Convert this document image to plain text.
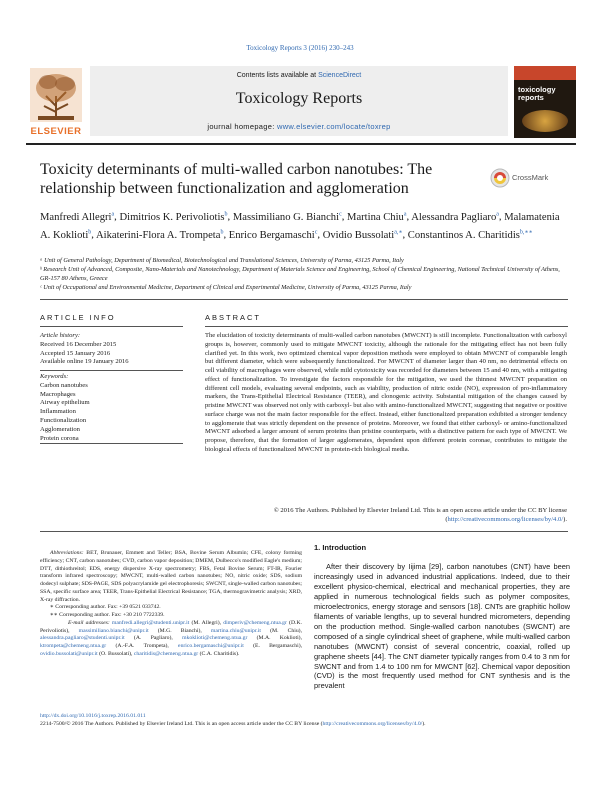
Toxicology Reports 3 (2016) 230–243
ELSEVIER
Contents lists available at ScienceDirect
Toxicology Reports
journal homepage: www.elsevier.com/locate/toxrep
toxicology
reports
Toxicity determinants of multi-walled carbon nanotubes: The relationship between functionalization and agglomeration
CrossMark
Manfredi Allegri$^a$, Dimitrios K. Perivoliotis$^b$, Massimiliano G. Bianchi$^c$, Martina Chiu$^a$, Alessandra Pagliaro$^a$, Malamatenia A. Koklioti$^b$, Aikaterini-Flora A. Trompeta$^b$, Enrico Bergamaschi$^c$, Ovidio Bussolati$^{a,∗}$, Constantinos A. Charitidis$^{b,∗∗}$
ᵃ Unit of General Pathology, Department of Biomedical, Biotechnological and Translational Sciences, University of Parma, 43125 Parma, Italy
ᵇ Research Unit of Advanced, Composite, Nano-Materials and Nanotechnology, Department of Materials Science and Engineering, School of Chemical Engineering, National Technical University of Athens, GR-157 80 Athens, Greece
ᶜ Unit of Occupational and Environmental Medicine, Department of Clinical and Experimental Medicine, University of Parma, 43125 Parma, Italy
ARTICLE INFO
Article history:
Received 16 December 2015
Accepted 15 January 2016
Available online 19 January 2016
Keywords:
Carbon nanotubes
Macrophages
Airway epithelium
Inflammation
Functionalization
Agglomeration
Protein corona
ABSTRACT
The elucidation of toxicity determinants of multi-walled carbon nanotubes (MWCNT) is still incomplete. Functionalization with carboxyl groups is, however, commonly used to mitigate MWCNT toxicity, although the rationale for the mitigating effect has not been fully clarified yet. In this work, two optimized chemical vapor deposition methods were employed to obtain MWCNT of comparable length but different diameter, which were subsequently functionalized. For MWCNT of diameter larger than 40 nm, no detrimental effects on cell viability of macrophages were observed, while mild cytotoxicity was recorded for diameters between 15 and 40 nm, with a mitigating effect of functionalization. To investigate the factors responsible for the mitigation, we used the thinnest MWCNT preparation on different cell models, evaluating several endpoints, such as viability, production of nitric oxide (NO), expression of pro-inflammatory markers, the Trans-Epithelial Electrical Resistance (TEER), and clonogenic activity. Substantial mitigation of the changes caused by pristine MWCNT was observed not only with carboxyl- but also with amino-functionalized MWCNT, suggesting that negative or positive surface charge was not the main factor responsible for the effect. Instead, either functionalized preparation exhibited a stronger tendency to agglomerate that was strictly dependent on the presence of proteins. Moreover, we found that either carboxyl- or amino-functionalized MWCNT adsorbed a larger amount of serum proteins than pristine counterparts, with a distinctive pattern for each type of MWCNT. We propose, therefore, that the formation of larger agglomerates, dependent upon different protein coronae, contributes to mitigate the biological effects of functionalized MWCNT in protein-rich biological media.
© 2016 The Authors. Published by Elsevier Ireland Ltd. This is an open access article under the CC BY license (http://creativecommons.org/licenses/by/4.0/).

Abbreviations: BET, Brunauer, Emmett and Teller; BSA, Bovine Serum Albumin; CFE, colony forming efficiency; CNT, carbon nanotubes; CVD, carbon vapor deposition; DMEM, Dulbecco's modified Eagle's medium; DTT, dithiothreitol; EDS, energy dispersive X-ray spectrometry; FBS, Fetal Bovine Serum; FT-IR, Fourier transform infrared spectroscopy; MWCNT, multi-walled carbon nanotubes; NO, nitric oxide; SDS, sodium dodecyl sulphate; SDS-PAGE, SDS polyacrylamide gel electrophoresis; SWCNT, single-walled carbon nanotubes; SSA, specific surface area; TEER, Trans-Epithelial Electrical Resistance; TGA, thermogravimetric analysis; XRD, X-ray diffraction.

∗ Corresponding author. Fax: +39 0521 033742.

∗∗ Corresponding author. Fax: +30 210 7722339.

E-mail addresses: manfredi.allegri@studenti.unipr.it (M. Allegri), dimperiv@chemeng.ntua.gr (D.K. Perivoliotis), massimiliano.bianchi@unipr.it (M.G. Bianchi), martina.chiu@unipr.it (M. Chiu), alessandra.pagliaro@studenti.unipr.it (A. Pagliaro), mkoklioti@chemeng.ntua.gr (M.A. Koklioti), ktrompeta@chemeng.ntua.gr (A.-F.A. Trompeta), enrico.bergamaschi@unipr.it (E. Bergamaschi), ovidio.bussolati@unipr.it (O. Bussolati), charitidis@chemeng.ntua.gr (C.A. Charitidis).

1. Introduction
After their discovery by Iijima [29], carbon nanotubes (CNT) have been increasingly used in advanced industrial applications. Indeed, due to their excellent physico-chemical, electrical and mechanical properties, they are applied in numerous technological fields such as polymer composites, microelectronics, energy storage and sensors [18]. CNTs are graphitic hollow filaments of variable lengths, up to several hundred micrometers, depending on the production method. Single-walled carbon nanotubes (SWCNT) are composed of a single cylindrical sheet of graphene, while multi-walled carbon nanotubes (MWCNT) consist of several concentric, coaxial, rolled up graphene sheets [44]. The CNT diameter typically ranges from 0.4 to 3 nm for SWCNT and from 1.4 to 100 nm for MWCNT [62]. Chemical vapor deposition (CVD) is the most frequently used method for CNT synthesis and is the prevalent
http://dx.doi.org/10.1016/j.toxrep.2016.01.011
2214-7500/© 2016 The Authors. Published by Elsevier Ireland Ltd. This is an open access article under the CC BY license (http://creativecommons.org/licenses/by/4.0/).
